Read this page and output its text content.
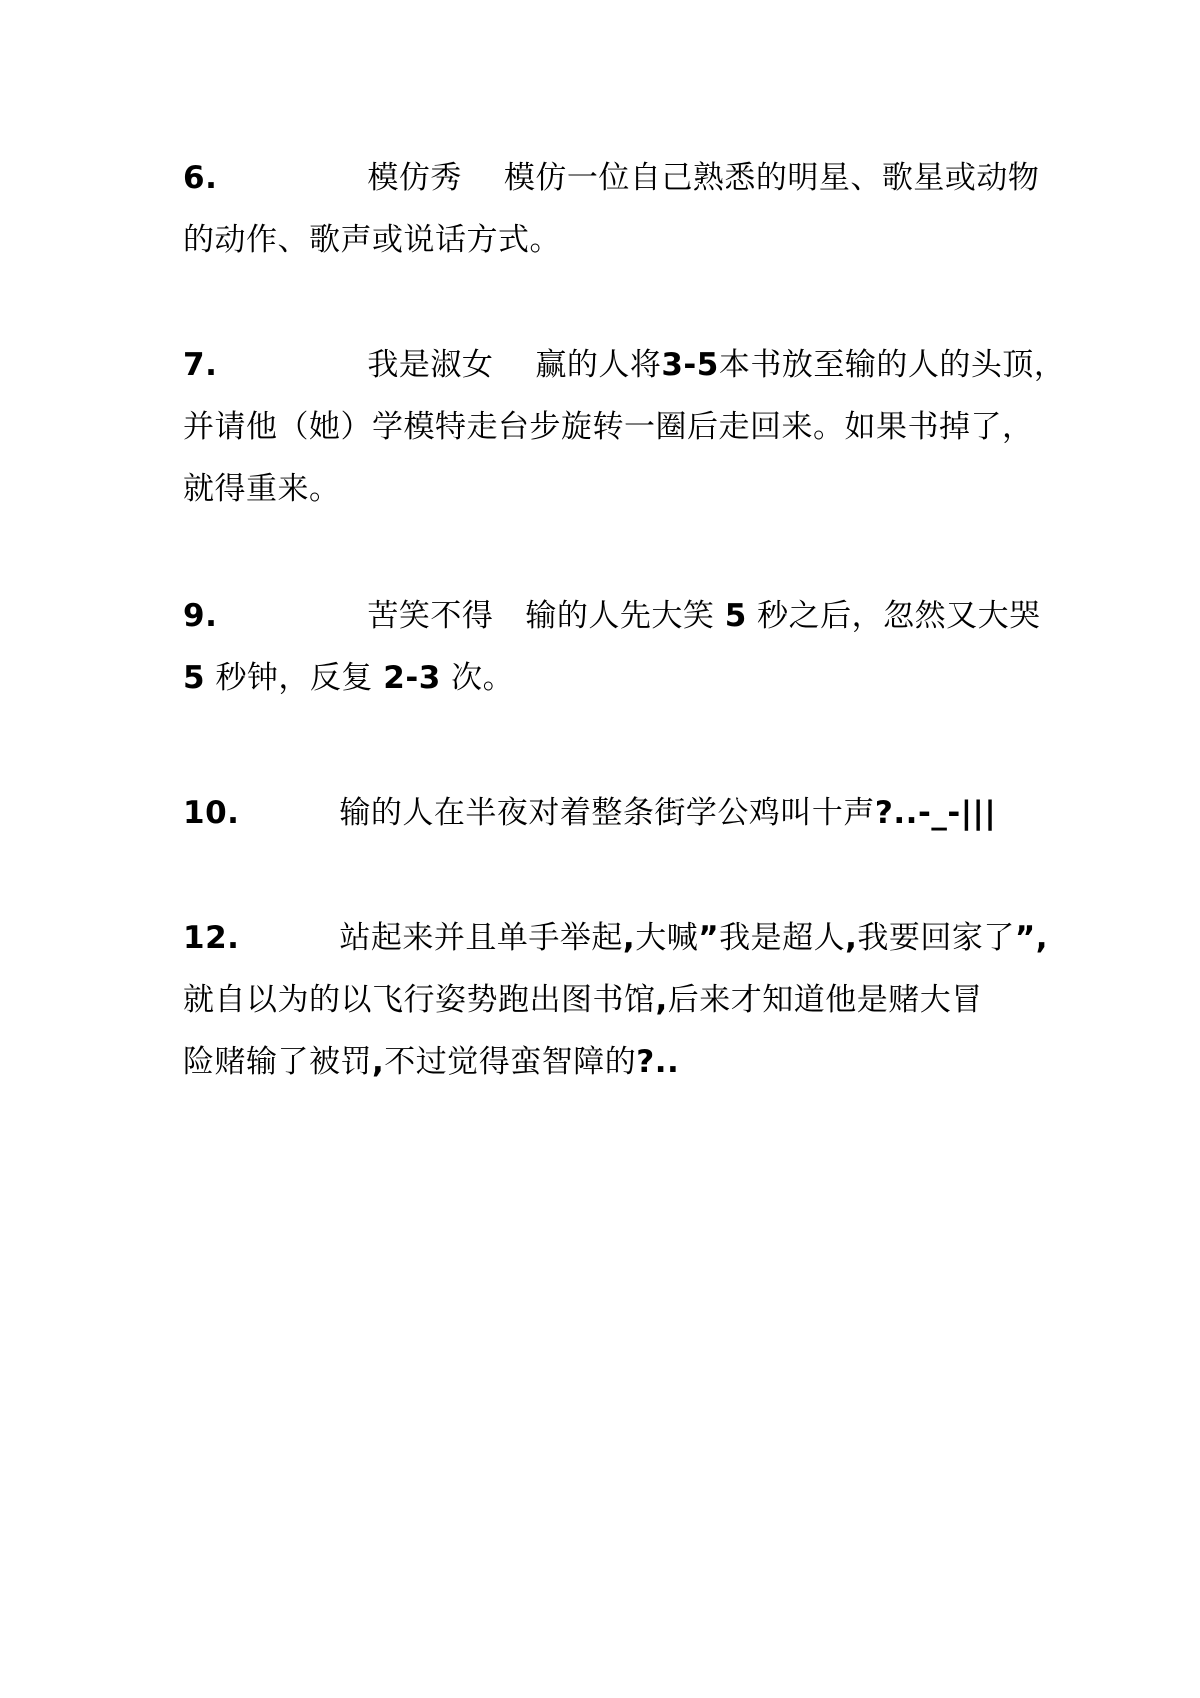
6.	模仿秀 模仿一位自己熟悉的明星、歌星或动物
的动作、歌声或说话方式。
7.	我是淑女 赢的人将3-5本书放至输的人的头顶，
并请他（她）学模特走台步旋转一圈后走回来。如果书掉了，
就得重来。
9.	苦笑不得 输的人先大笑 5 秒之后，忽然又大哭
5 秒钟，反复 2-3 次。
10.	输的人在半夜对着整条街学公鸡叫十声?..-_-|||
12.	站起来并且单手举起,大喊”我是超人,我要回家了”,
就自以为的以飞行姿势跑出图书馆,后来才知道他是赌大冒
险赌输了被罚,不过觉得蛮智障的?..
